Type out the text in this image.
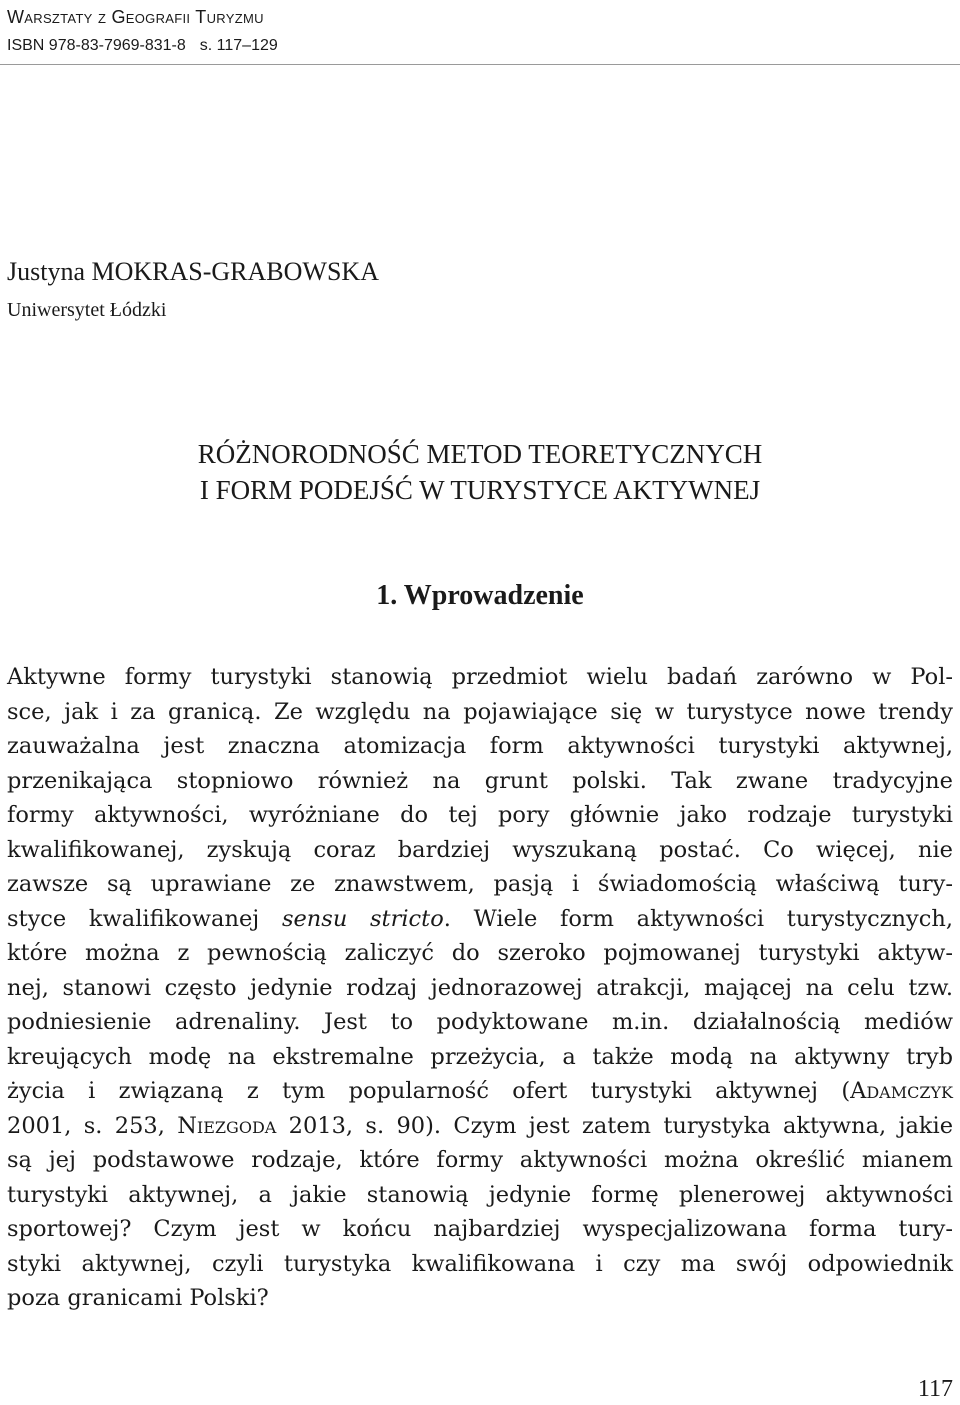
Warsztaty z Geografii Turyzmu

ISBN 978-83-7969-831-8 s. 117–129

Justyna MOKRAS-GRABOWSKA

Uniwersytet Łódzki

RÓŻNORODNOŚĆ METOD TEORETYCZNYCH
I FORM PODEJŚĆ W TURYSTYCE AKTYWNEJ
1. Wprowadzenie

Aktywne formy turystyki stanowią przedmiot wielu badań zarówno w Pol-
sce, jak i za granicą. Ze względu na pojawiające się w turystyce nowe trendy
zauważalna jest znaczna atomizacja form aktywności turystyki aktywnej,
przenikająca stopniowo również na grunt polski. Tak zwane tradycyjne
formy aktywności, wyróżniane do tej pory głównie jako rodzaje turystyki
kwalifikowanej, zyskują coraz bardziej wyszukaną postać. Co więcej, nie
zawsze są uprawiane ze znawstwem, pasją i świadomością właściwą tury-
styce kwalifikowanej sensu stricto. Wiele form aktywności turystycznych,
które można z pewnością zaliczyć do szeroko pojmowanej turystyki aktyw-
nej, stanowi często jedynie rodzaj jednorazowej atrakcji, mającej na celu tzw.
podniesienie adrenaliny. Jest to podyktowane m.in. działalnością mediów
kreujących modę na ekstremalne przeżycia, a także modą na aktywny tryb
życia i związaną z tym popularność ofert turystyki aktywnej (Adamczyk
2001, s. 253, Niezgoda 2013, s. 90). Czym jest zatem turystyka aktywna, jakie
są jej podstawowe rodzaje, które formy aktywności można określić mianem
turystyki aktywnej, a jakie stanowią jedynie formę plenerowej aktywności
sportowej? Czym jest w końcu najbardziej wyspecjalizowana forma tury-
styki aktywnej, czyli turystyka kwalifikowana i czy ma swój odpowiednik
poza granicami Polski?

117
